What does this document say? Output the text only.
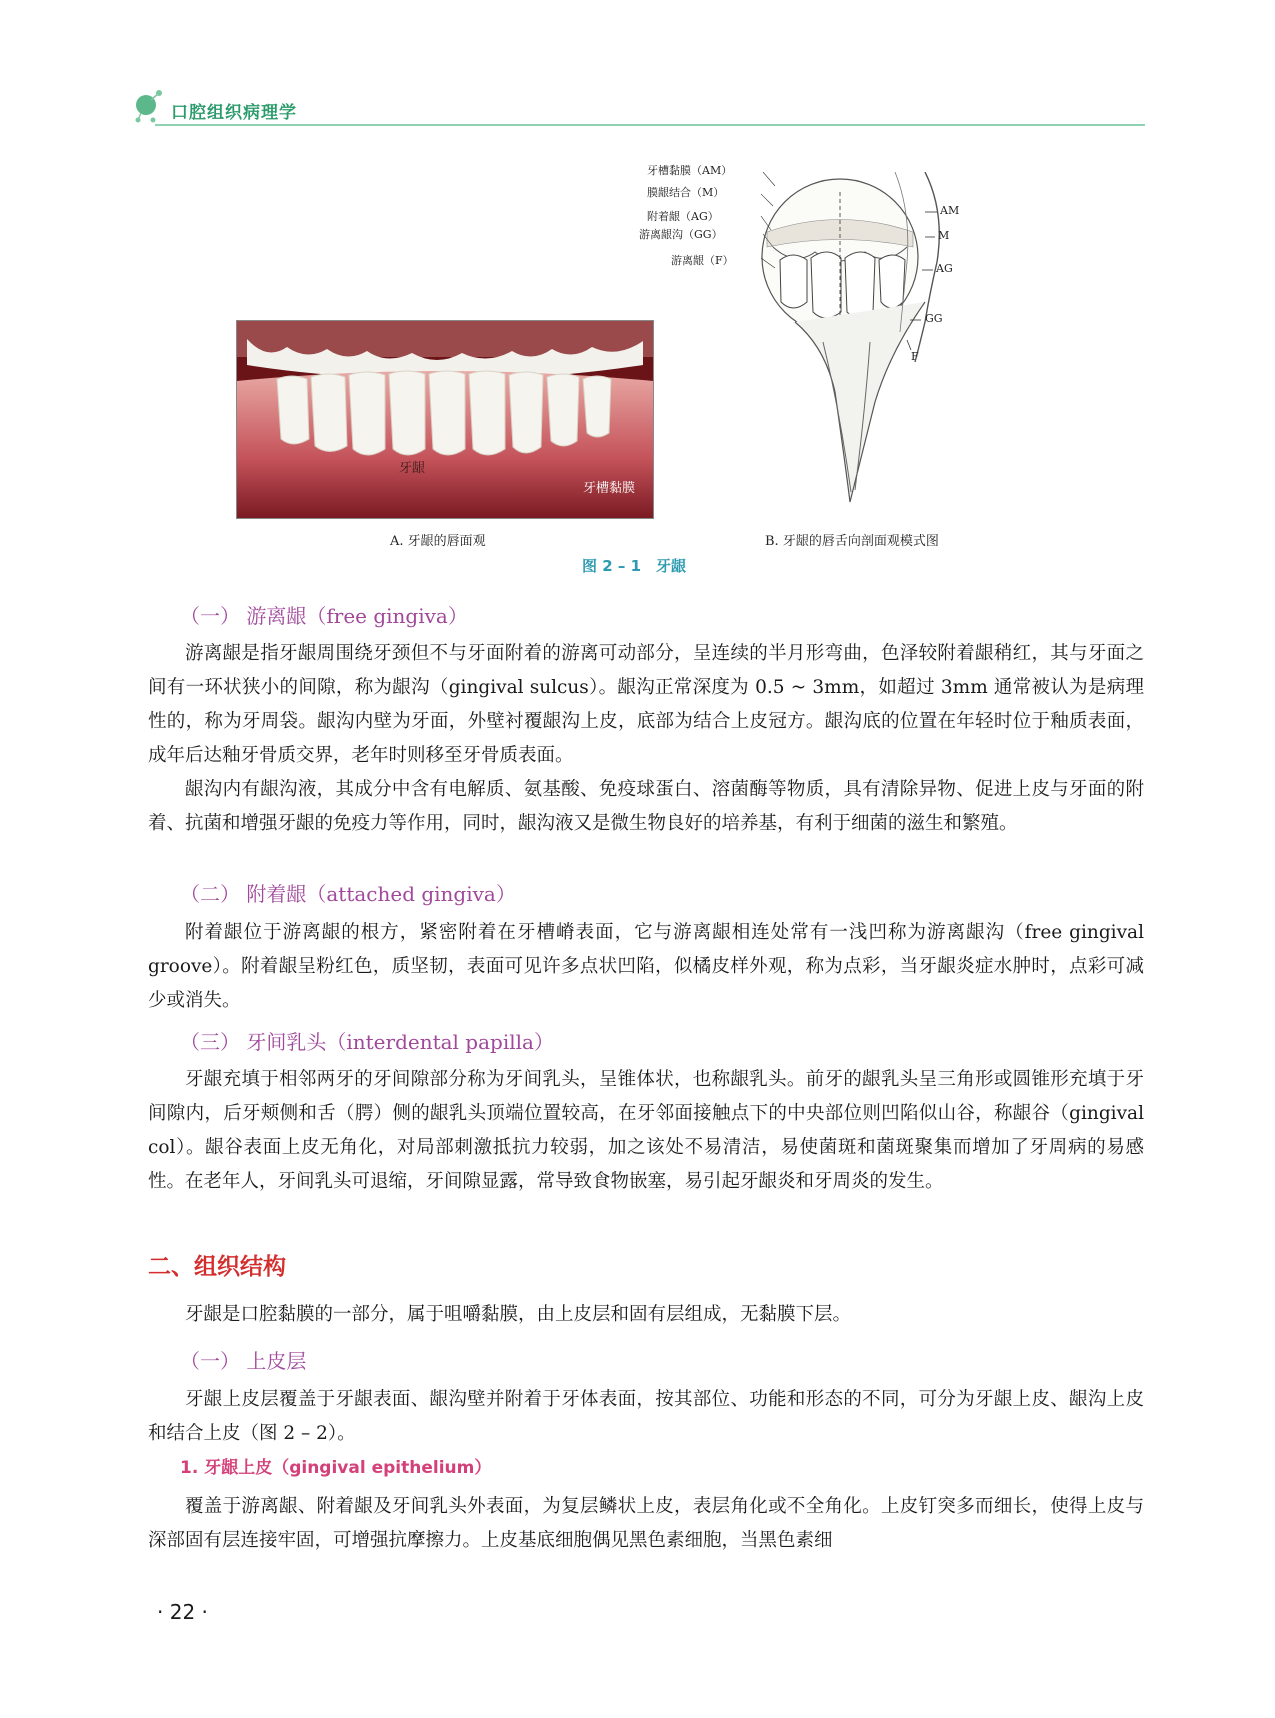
口腔组织病理学
牙龈
牙槽黏膜
牙槽黏膜（AM）
膜龈结合（M）
附着龈（AG）
游离龈沟（GG）
游离龈（F）
AM
M
AG
GG
F
A. 牙龈的唇面观	B. 牙龈的唇舌向剖面观模式图
图 2 – 1　牙龈
（一） 游离龈（free gingiva）

游离龈是指牙龈周围绕牙颈但不与牙面附着的游离可动部分，呈连续的半月形弯曲，色泽较附着龈稍红，其与牙面之间有一环状狭小的间隙，称为龈沟（gingival sulcus）。龈沟正常深度为 0.5 ~ 3mm，如超过 3mm 通常被认为是病理性的，称为牙周袋。龈沟内壁为牙面，外壁衬覆龈沟上皮，底部为结合上皮冠方。龈沟底的位置在年轻时位于釉质表面，成年后达釉牙骨质交界，老年时则移至牙骨质表面。

龈沟内有龈沟液，其成分中含有电解质、氨基酸、免疫球蛋白、溶菌酶等物质，具有清除异物、促进上皮与牙面的附着、抗菌和增强牙龈的免疫力等作用，同时，龈沟液又是微生物良好的培养基，有利于细菌的滋生和繁殖。

（二） 附着龈（attached gingiva）

附着龈位于游离龈的根方，紧密附着在牙槽嵴表面，它与游离龈相连处常有一浅凹称为游离龈沟（free gingival groove）。附着龈呈粉红色，质坚韧，表面可见许多点状凹陷，似橘皮样外观，称为点彩，当牙龈炎症水肿时，点彩可减少或消失。

（三） 牙间乳头（interdental papilla）

牙龈充填于相邻两牙的牙间隙部分称为牙间乳头，呈锥体状，也称龈乳头。前牙的龈乳头呈三角形或圆锥形充填于牙间隙内，后牙颊侧和舌（腭）侧的龈乳头顶端位置较高，在牙邻面接触点下的中央部位则凹陷似山谷，称龈谷（gingival col）。龈谷表面上皮无角化，对局部刺激抵抗力较弱，加之该处不易清洁，易使菌斑和菌斑聚集而增加了牙周病的易感性。在老年人，牙间乳头可退缩，牙间隙显露，常导致食物嵌塞，易引起牙龈炎和牙周炎的发生。

二、组织结构

牙龈是口腔黏膜的一部分，属于咀嚼黏膜，由上皮层和固有层组成，无黏膜下层。

（一） 上皮层

牙龈上皮层覆盖于牙龈表面、龈沟壁并附着于牙体表面，按其部位、功能和形态的不同，可分为牙龈上皮、龈沟上皮和结合上皮（图 2 – 2）。

1. 牙龈上皮（gingival epithelium）

覆盖于游离龈、附着龈及牙间乳头外表面，为复层鳞状上皮，表层角化或不全角化。上皮钉突多而细长，使得上皮与深部固有层连接牢固，可增强抗摩擦力。上皮基底细胞偶见黑色素细胞，当黑色素细

· 22 ·
